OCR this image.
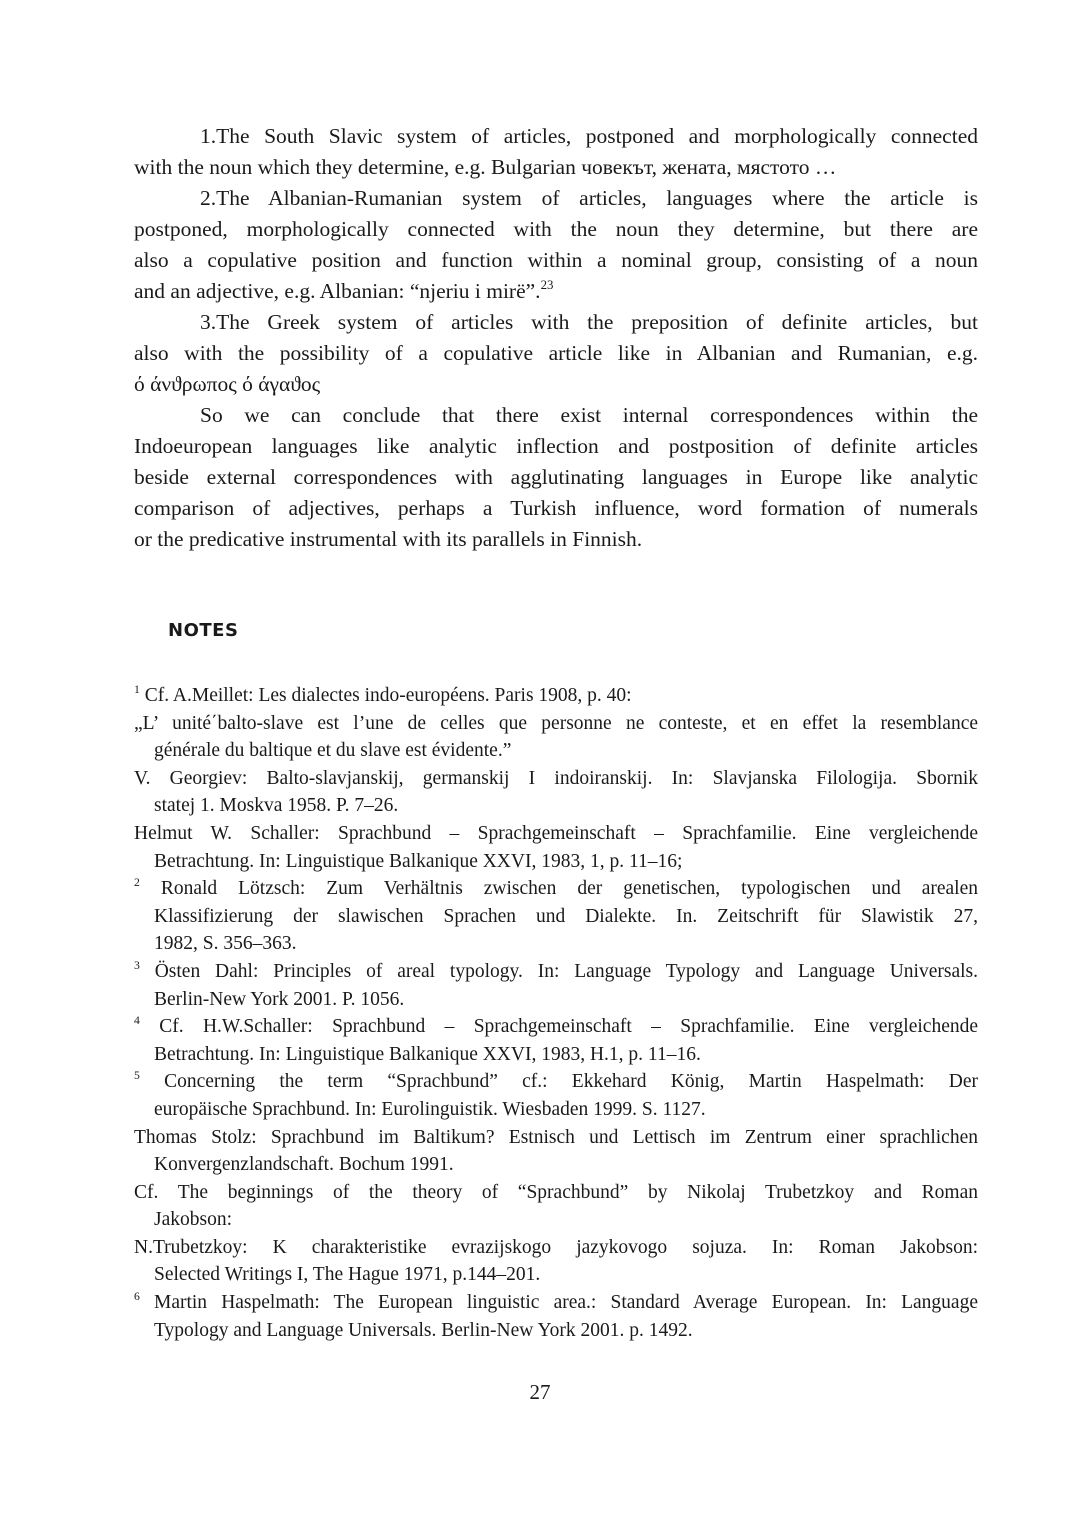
1.The South Slavic system of articles, postponed and morphologically connected
with the noun which they determine, e.g. Bulgarian човекът, жената, мястото …
2.The Albanian-Rumanian system of articles, languages where the article is
postponed, morphologically connected with the noun they determine, but there are
also a copulative position and function within a nominal group, consisting of a noun
and an adjective, e.g. Albanian: “njeriu i mirë”.$^{23}$
3.The Greek system of articles with the preposition of definite articles, but
also with the possibility of a copulative article like in Albanian and Rumanian, e.g.
ό άνϑρωπος ό άγαϑος
So we can conclude that there exist internal correspondences within the
Indoeuropean languages like analytic inflection and postposition of definite articles
beside external correspondences with agglutinating languages in Europe like analytic
comparison of adjectives, perhaps a Turkish influence, word formation of numerals
or the predicative instrumental with its parallels in Finnish.
NOTES
$^1$ Cf. A.Meillet: Les dialectes indo-européens. Paris 1908, p. 40:
„L’ unité΄balto-slave est l’une de celles que personne ne conteste, et en effet la resemblance
générale du baltique et du slave est évidente.”
V. Georgiev: Balto-slavjanskij, germanskij I indoiranskij. In: Slavjanska Filologija. Sbornik
statej 1. Moskva 1958. P. 7–26.
Helmut W. Schaller: Sprachbund – Sprachgemeinschaft – Sprachfamilie. Eine vergleichende
Betrachtung. In: Linguistique Balkanique XXVI, 1983, 1, p. 11–16;
$^2$ Ronald Lötzsch: Zum Verhältnis zwischen der genetischen, typologischen und arealen
Klassifizierung der slawischen Sprachen und Dialekte. In. Zeitschrift für Slawistik 27,
1982, S. 356–363.
$^3$ Östen Dahl: Principles of areal typology. In: Language Typology and Language Universals.
Berlin-New York 2001. P. 1056.
$^4$ Cf. H.W.Schaller: Sprachbund – Sprachgemeinschaft – Sprachfamilie. Eine vergleichende
Betrachtung. In: Linguistique Balkanique XXVI, 1983, H.1, p. 11–16.
$^5$ Concerning the term “Sprachbund” cf.: Ekkehard König, Martin Haspelmath: Der
europäische Sprachbund. In: Eurolinguistik. Wiesbaden 1999. S. 1127.
Thomas Stolz: Sprachbund im Baltikum? Estnisch und Lettisch im Zentrum einer sprachlichen
Konvergenzlandschaft. Bochum 1991.
Cf. The beginnings of the theory of “Sprachbund” by Nikolaj Trubetzkoy and Roman
Jakobson:
N.Trubetzkoy: K charakteristike evrazijskogo jazykovogo sojuza. In: Roman Jakobson:
Selected Writings I, The Hague 1971, p.144–201.
$^6$ Martin Haspelmath: The European linguistic area.: Standard Average European. In: Language
Typology and Language Universals. Berlin-New York 2001. p. 1492.
27
